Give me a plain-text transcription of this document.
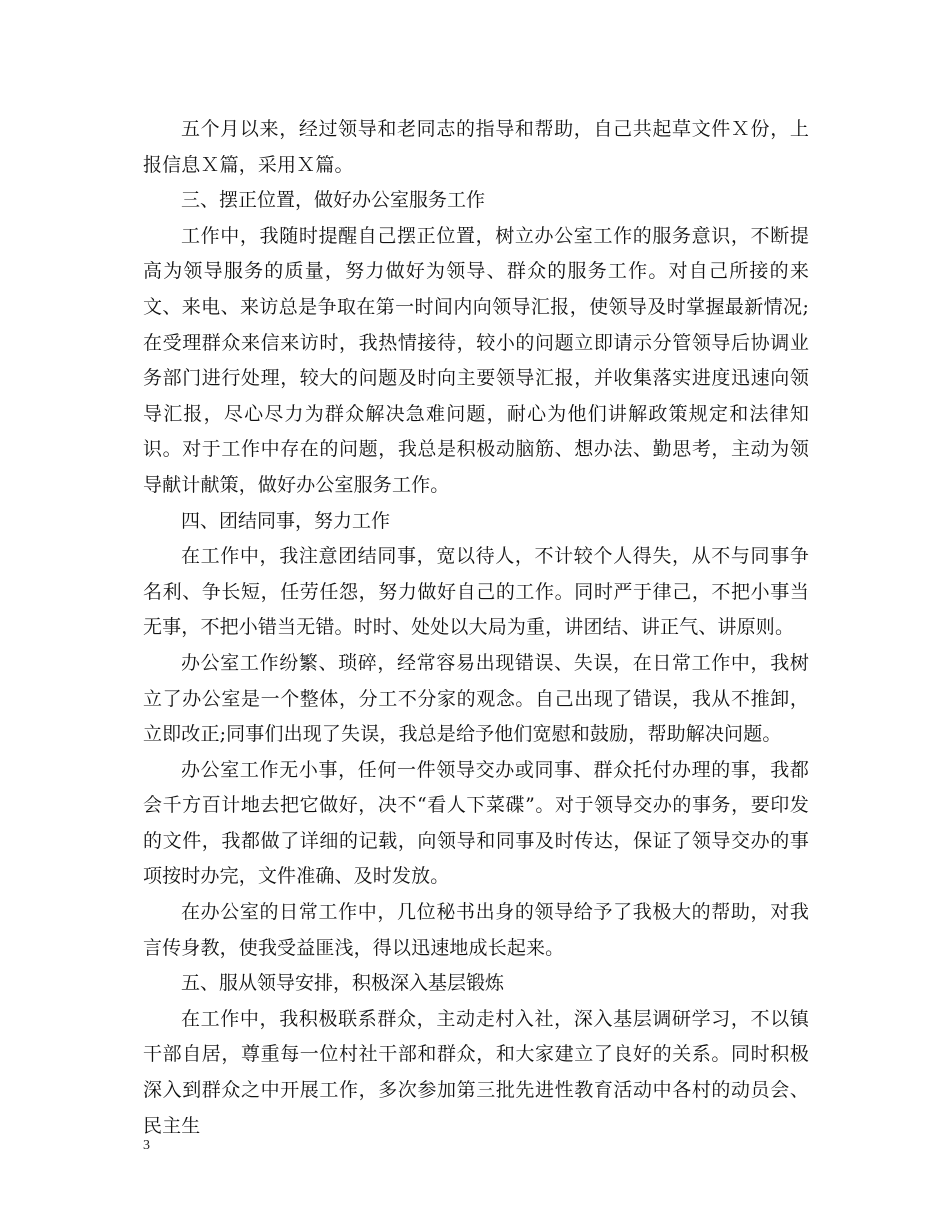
五个月以来，经过领导和老同志的指导和帮助，自己共起草文件Ｘ份，上报信息Ｘ篇，采用Ｘ篇。

三、摆正位置，做好办公室服务工作

工作中，我随时提醒自己摆正位置，树立办公室工作的服务意识，不断提高为领导服务的质量，努力做好为领导、群众的服务工作。对自己所接的来文、来电、来访总是争取在第一时间内向领导汇报，使领导及时掌握最新情况;在受理群众来信来访时，我热情接待，较小的问题立即请示分管领导后协调业务部门进行处理，较大的问题及时向主要领导汇报，并收集落实进度迅速向领导汇报，尽心尽力为群众解决急难问题，耐心为他们讲解政策规定和法律知识。对于工作中存在的问题，我总是积极动脑筋、想办法、勤思考，主动为领导献计献策，做好办公室服务工作。

四、团结同事，努力工作

在工作中，我注意团结同事，宽以待人，不计较个人得失，从不与同事争名利、争长短，任劳任怨，努力做好自己的工作。同时严于律己，不把小事当无事，不把小错当无错。时时、处处以大局为重，讲团结、讲正气、讲原则。

办公室工作纷繁、琐碎，经常容易出现错误、失误，在日常工作中，我树立了办公室是一个整体，分工不分家的观念。自己出现了错误，我从不推卸，立即改正;同事们出现了失误，我总是给予他们宽慰和鼓励，帮助解决问题。

办公室工作无小事，任何一件领导交办或同事、群众托付办理的事，我都会千方百计地去把它做好，决不“看人下菜碟”。对于领导交办的事务，要印发的文件，我都做了详细的记载，向领导和同事及时传达，保证了领导交办的事项按时办完，文件准确、及时发放。

在办公室的日常工作中，几位秘书出身的领导给予了我极大的帮助，对我言传身教，使我受益匪浅，得以迅速地成长起来。

五、服从领导安排，积极深入基层锻炼

在工作中，我积极联系群众，主动走村入社，深入基层调研学习，不以镇干部自居，尊重每一位村社干部和群众，和大家建立了良好的关系。同时积极深入到群众之中开展工作，多次参加第三批先进性教育活动中各村的动员会、民主生

3
